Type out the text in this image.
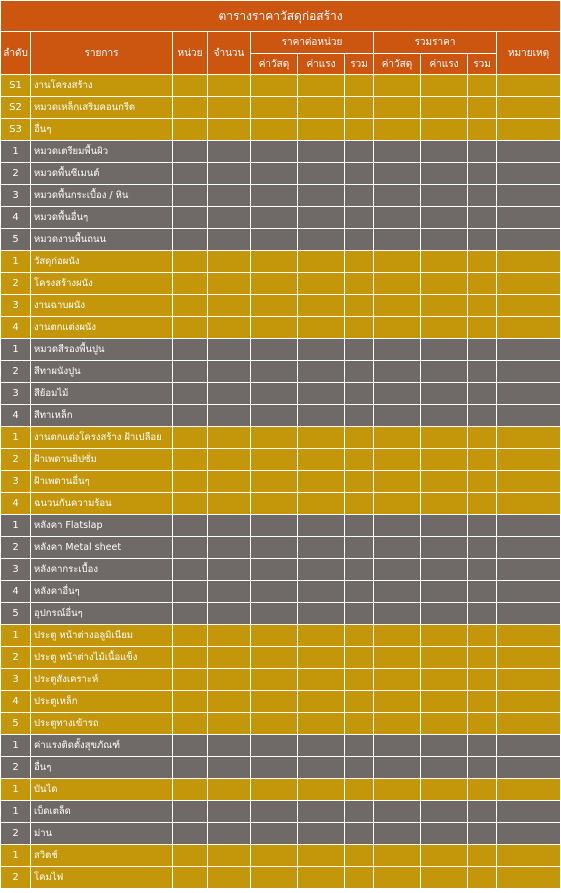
ตารางราคาวัสดุก่อสร้าง										
ลำดับ	รายการ	หน่วย	จำนวน	ราคาต่อหน่วย			รวมราคา			หมายเหตุ
				ค่าวัสดุ	ค่าแรง	รวม	ค่าวัสดุ	ค่าแรง	รวม	
S1	งานโครงสร้าง									
S2	หมวดเหล็กเสริมคอนกรีต									
S3	อื่นๆ									
1	หมวดเตรียมพื้นผิว									
2	หมวดพื้นซีเมนต์									
3	หมวดพื้นกระเบื้อง / หิน									
4	หมวดพื้นอื่นๆ									
5	หมวดงานพื้นถนน									
1	วัสดุก่อผนัง									
2	โครงสร้างผนัง									
3	งานฉาบผนัง									
4	งานตกแต่งผนัง									
1	หมวดสีรองพื้นปูน									
2	สีทาผนังปูน									
3	สีย้อมไม้									
4	สีทาเหล็ก									
1	งานตกแต่งโครงสร้าง ฝ้าเปลือย									
2	ฝ้าเพดานยิปซั่ม									
3	ฝ้าเพดานอื่นๆ									
4	ฉนวนกันความร้อน									
1	หลังคา Flatslap									
2	หลังคา Metal sheet									
3	หลังคากระเบื้อง									
4	หลังคาอื่นๆ									
5	อุปกรณ์อื่นๆ									
1	ประตู หน้าต่างอลูมิเนียม									
2	ประตู หน้าต่างไม้เนื้อแข็ง									
3	ประตูสังเคราะห์									
4	ประตูเหล็ก									
5	ประตูทางเข้ารถ									
1	ค่าแรงติดตั้งสุขภัณฑ์									
2	อื่นๆ									
1	บันได									
1	เบ็ดเตล็ด									
2	ม่าน									
1	สวิตช์									
2	โคมไฟ									
